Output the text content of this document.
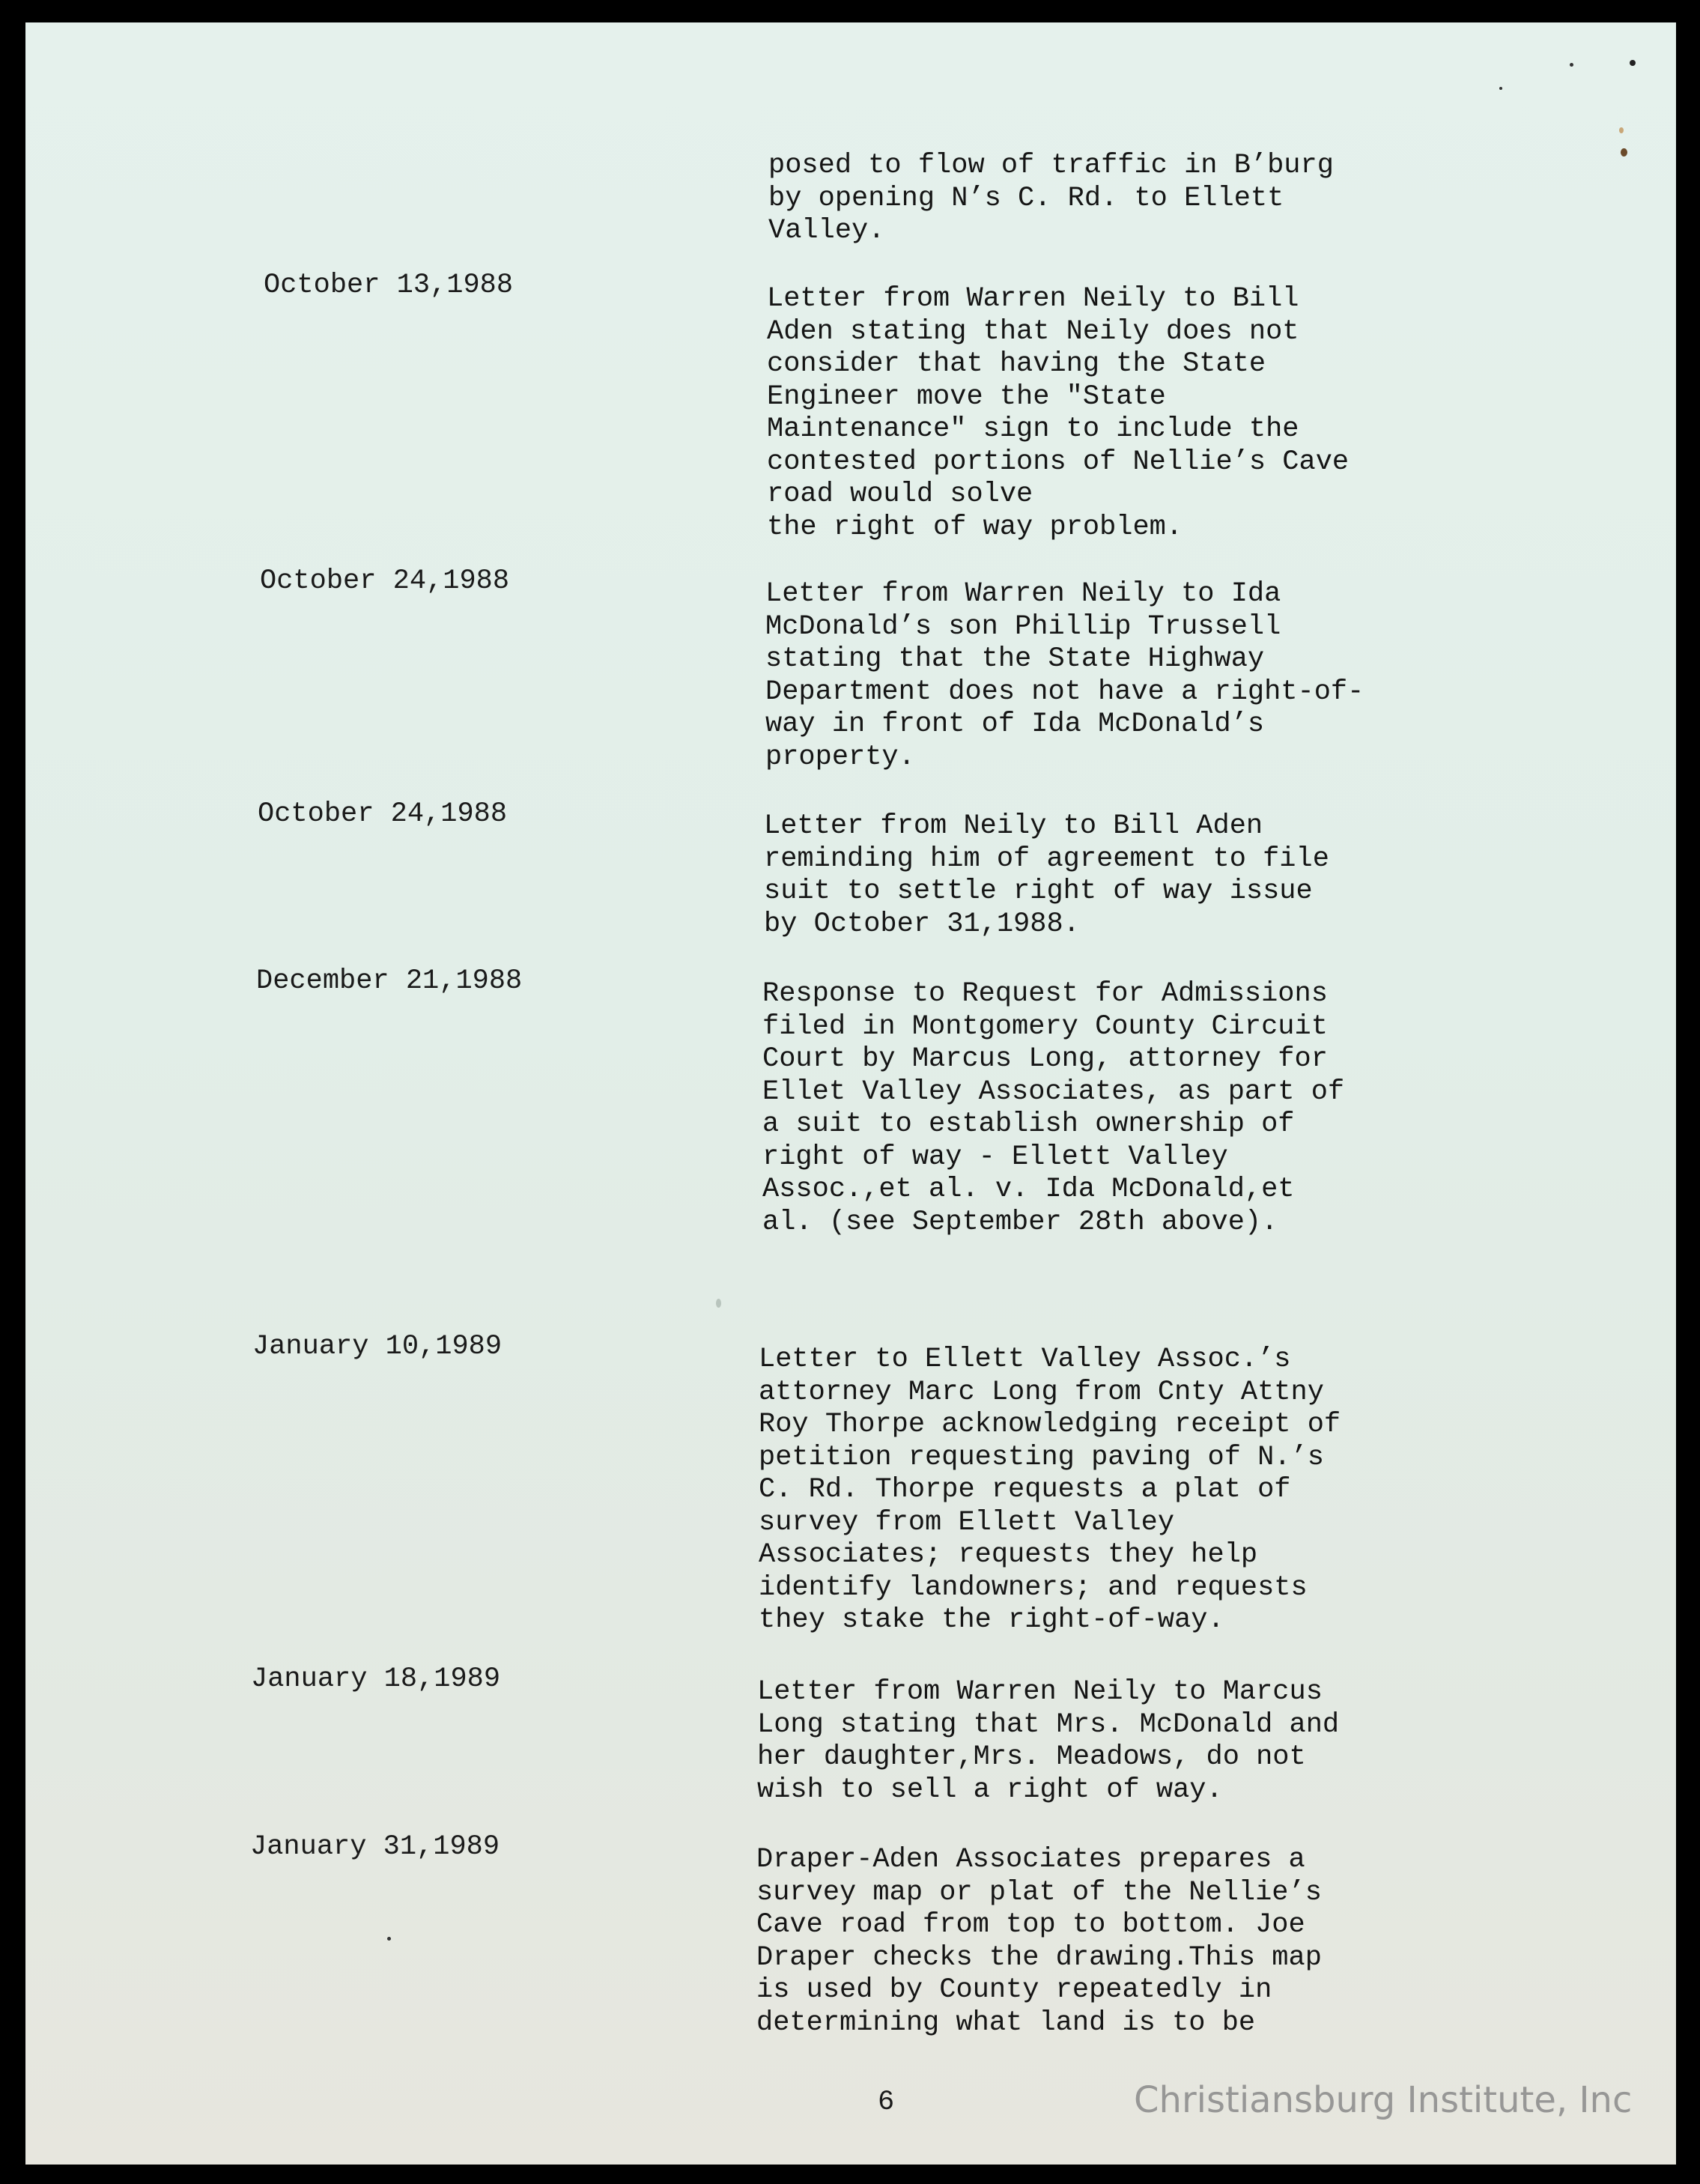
posed to flow of traffic in B’burg
by opening N’s C. Rd. to Ellett
Valley.
October 13,1988	Letter from Warren Neily to Bill
Aden stating that Neily does not
consider that having the State
Engineer move the "State
Maintenance" sign to include the
contested portions of Nellie’s Cave
road would solve
the right of way problem.
October 24,1988	Letter from Warren Neily to Ida
McDonald’s son Phillip Trussell
stating that the State Highway
Department does not have a right-of-
way in front of Ida McDonald’s
property.
October 24,1988	Letter from Neily to Bill Aden
reminding him of agreement to file
suit to settle right of way issue
by October 31,1988.
December 21,1988	Response to Request for Admissions
filed in Montgomery County Circuit
Court by Marcus Long, attorney for
Ellet Valley Associates, as part of
a suit to establish ownership of
right of way - Ellett Valley
Assoc.,et al. v. Ida McDonald,et
al. (see September 28th above).
January 10,1989	Letter to Ellett Valley Assoc.’s
attorney Marc Long from Cnty Attny
Roy Thorpe acknowledging receipt of
petition requesting paving of N.’s
C. Rd. Thorpe requests a plat of
survey from Ellett Valley
Associates; requests they help
identify landowners; and requests
they stake the right-of-way.
January 18,1989	Letter from Warren Neily to Marcus
Long stating that Mrs. McDonald and
her daughter,Mrs. Meadows, do not
wish to sell a right of way.
January 31,1989	Draper-Aden Associates prepares a
survey map or plat of the Nellie’s
Cave road from top to bottom. Joe
Draper checks the drawing.This map
is used by County repeatedly in
determining what land is to be
6	Christiansburg Institute, Inc
